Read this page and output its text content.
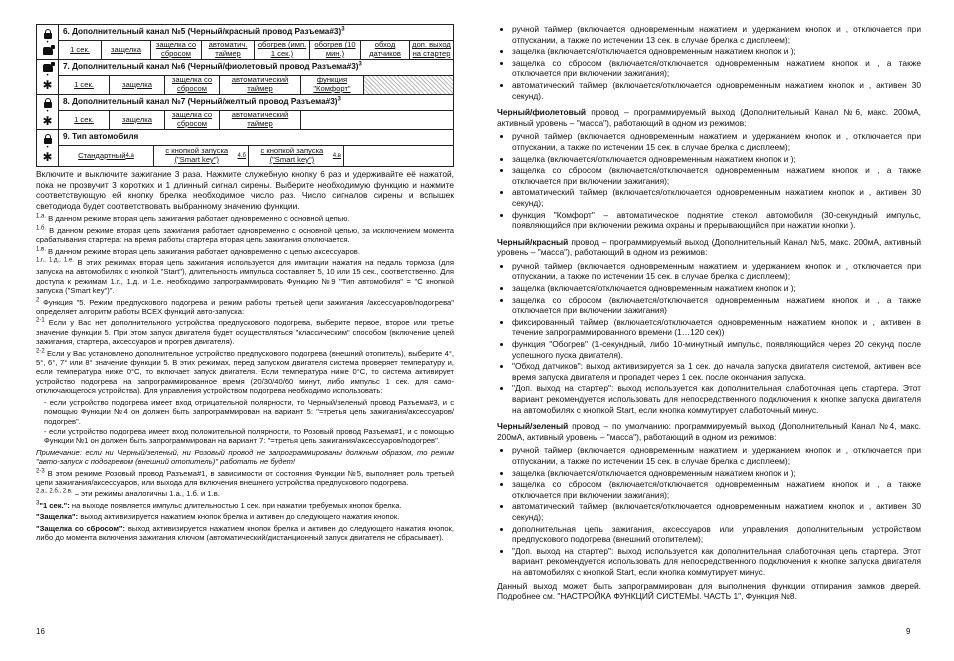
•
6. Дополнительный канал №5 (Черный/красный провод Разъема#3)$^3$
1 сек.	защелка	защелка со сбросом
автоматич. таймер
обогрев (имп. 1 сек.)
обогрев (10 мин.)
обход датчиков
доп. выход на стартер
•
✱
7. Дополнительный канал №6 (Черный/фиолетовый провод Разъема#3)$^3$
1 сек.	защелка	защелка со сбросом
автоматический таймер
функция "Комфорт"
•
✱
8. Дополнительный канал №7 (Черный/желтый провод Разъема#3)$^3$
1 сек.	защелка	защелка со сбросом
автоматический таймер
•
✱
9. Тип автомобиля
Стандартный 4.a
с кнопкой запуска ("Smart key")	4.б
с кнопкой запуска ("Smart key")	4.в

Включите и выключите зажигание 3 раза. Нажмите служебную кнопку 6 раз и удерживайте её нажатой, пока не прозвучит 3 коротких и 1 длинный сигнал сирены. Выберите необходимую функцию и нажмите соответствующую ей кнопку брелка необходимое число раз. Число сигналов сирены и вспышек светодиода будет соответствовать выбранному значению функции.

$^{1.a.}$ В данном режиме вторая цепь зажигания работает одновременно с основной цепью.

$^{1.б.}$ В данном режиме вторая цепь зажигания работает одновременно с основной цепью, за исключением момента срабатывания стартера: на время работы стартера вторая цепь зажигания отключается.

$^{1.в.}$ В данном режиме вторая цепь зажигания работает одновременно с цепью аксессуаров.

$^{1.г., 1.д., 1.е.}$ В этих режимах вторая цепь зажигания используется для имитации нажатия на педаль тормоза (для запуска на автомобилях с кнопкой "Start"), длительность импульса составляет 5, 10 или 15 сек., соответственно. Для доступа к режимам 1.г., 1.д. и 1.е. необходимо запрограммировать Функцию №9 "Тип автомобиля" = "С кнопкой запуска ("Smart key")".

$^2$ Функция "5. Режим предпускового подогрева и режим работы третьей цепи зажигания /аксессуаров/подогрева" определяет алгоритм работы ВСЕХ функций авто-запуска:

$^{2-1}$ Если у Вас нет дополнительного устройства предпускового подогрева, выберите первое, второе или третье значение функции 5. При этом запуск двигателя будет осуществляться "классическим" способом (включение цепей зажигания, стартера, аксессуаров и прогрев двигателя).

$^{2-2}$ Если у Вас установлено дополнительное устройство предпускового подогрева (внешний отопитель), выберите 4°, 5°, 6°, 7° или 8° значение функции 5. В этих режимах, перед запуском двигателя система проверяет температуру и, если температура ниже 0°С, то включает запуск двигателя. Если температура ниже 0°С, то система активирует устройство подогрева на запрограммированное время (20/30/40/60 минут, либо импульс 1 сек. для само-отключающегося устройства). Для управления устройством подогрева необходимо использовать:

- если устройство подогрева имеет вход отрицательной полярности, то Черный/зеленый провод Разъема#3, и с помощью Функции №4 он должен быть запрограммирован на вариант 5: "=третья цепь зажигания/аксессуаров/подогрев".
- если устройство подогрева имеет вход положительной полярности, то Розовый провод Разъема#1, и с помощью Функции №1 он должен быть запрограммирован на вариант 7: "=третья цепь зажигания/аксессуаров/подогрев".

Примечание: если ни Черный/зеленый, ни Розовый провод не запрограммированы должным образом, то режим "авто-запуск с подогревом (внешний отопитель)" работать не будет!

$^{2-3}$ В этом режиме Розовый провод Разъема#1, в зависимости от состояния Функции №5, выполняет роль третьей цепи зажигания/аксессуаров, или выхода для включения внешнего устройства предпускового подогрева.

$^{2.а., 2.б., 2.в.}$ – эти режимы аналогичны 1.а., 1.б. и 1.в.

$^3$"1 сек.": на выходе появляется импульс длительностью 1 сек. при нажатии требуемых кнопок брелка.

"Защелка": выход активизируется нажатием кнопок брелка и активен до следующего нажатия кнопок.

"Защелка со сбросом": выход активизируется нажатием кнопок брелка и активен до следующего нажатия кнопок, либо до момента включения зажигания ключом (автоматический/дистанционный запуск двигателя не сбрасывает).

16
• ручной таймер (включается одновременным нажатием и удержанием кнопок и , отключается при отпускании, а также по истечении 13 сек. в случае брелка с дисплеем);
• защелка (включается/отключается одновременным нажатием кнопок и );
• защелка со сбросом (включается/отключается одновременным нажатием кнопок и , а также отключается при включении зажигания);
• автоматический таймер (включается/отключается одновременным нажатием кнопок и , активен 30 секунд).

Черный/фиолетовый провод – программируемый выход (Дополнительный Канал №6, макс. 200мА, активный уровень – "масса"), работающий в одном из режимов:

• ручной таймер (включается одновременным нажатием и удержанием кнопок и , отключается при отпускании, а также по истечении 15 сек. в случае брелка с дисплеем);
• защелка (включается/отключается одновременным нажатием кнопок и );
• защелка со сбросом (включается/отключается одновременным нажатием кнопок и , а также отключается при включении зажигания);
• автоматический таймер (включается/отключается одновременным нажатием кнопок и , активен 30 секунд);
• функция "Комфорт" – автоматическое поднятие стекол автомобиля (30-секундный импульс, появляющийся при включении режима охраны и прерывающийся при нажатии кнопки ).

Черный/красный провод – программируемый выход (Дополнительный Канал №5, макс. 200мА, активный уровень – "масса"), работающий в одном из режимов:

• ручной таймер (включается одновременным нажатием и удержанием кнопок и , отключается при отпускании, а также по истечении 15 сек. в случае брелка с дисплеем);
• защелка (включается/отключается одновременным нажатием кнопок и );
• защелка со сбросом (включается/отключается одновременным нажатием кнопок и , а также отключается при включении зажигания)
• фиксированный таймер (включается/отключается одновременным нажатием кнопок и , активен в течение запрограммированного времени (1…120 сек))
• функция "Обогрев" (1-секундный, либо 10-минутный импульс, появляющийся через 20 секунд после успешного пуска двигателя).
• "Обход датчиков": выход активизируется за 1 сек. до начала запуска двигателя системой, активен все время запуска двигателя и пропадет через 1 сек. после окончания запуска.
• "Доп. выход на стартер": выход используется как дополнительная слаботочная цепь стартера. Этот вариант рекомендуется использовать для непосредственного подключения к кнопке запуска двигателя на автомобилях с кнопкой Start, если кнопка коммутирует слаботочный минус.

Черный/зеленый провод – по умолчанию: программируемый выход (Дополнительный Канал №4, макс. 200мА, активный уровень – "масса"), работающий в одном из режимов:

• ручной таймер (включается одновременным нажатием и удержанием кнопок и , отключается при отпускании, а также по истечении 15 сек. в случае брелка с дисплеем);
• защелка (включается/отключается одновременным нажатием кнопок и );
• защелка со сбросом (включается/отключается одновременным нажатием кнопок и , а также отключается при включении зажигания);
• автоматический таймер (включается/отключается одновременным нажатием кнопок и , активен 30 секунд);
• дополнительная цепь зажигания, аксессуаров или управления дополнительным устройством предпускового подогрева (внешний отопителем);
• "Доп. выход на стартер": выход используется как дополнительная слаботочная цепь стартера. Этот вариант рекомендуется использовать для непосредственного подключения к кнопке запуска двигателя на автомобилях с кнопкой Start, если кнопка коммутирует минус.

Данный выход может быть запрограммирован для выполнения функции отпирания замков дверей. Подробнее см. "НАСТРОЙКА ФУНКЦИЙ СИСТЕМЫ. ЧАСТЬ 1", Функция №8.

9
